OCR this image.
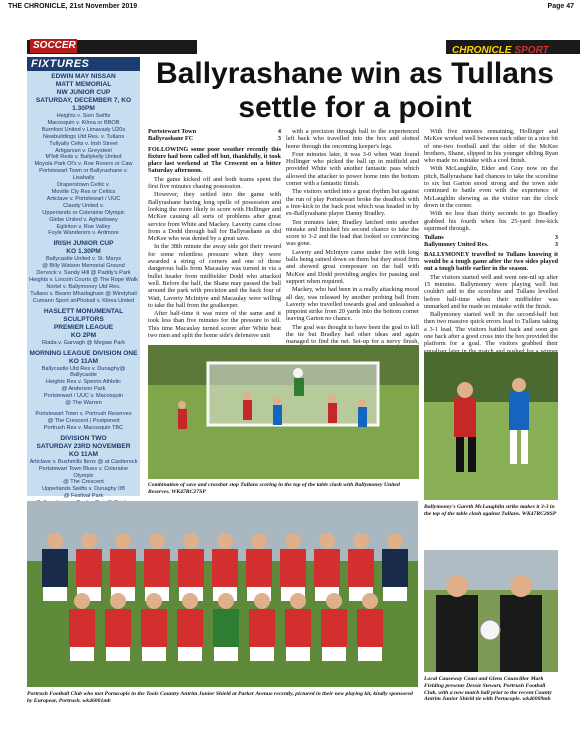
THE CHRONICLE, 21st November 2019	Page 47
SOCCER	CHRONICLE SPORT
FIXTURES
EDWIN MAY NISSAN
MATT MEMORIAL
NW JUNIOR CUP
SATURDAY, DECEMBER 7, KO 1.30PM
Heights v. Sion Swifts
Macosquin v. Kilrea or BBOB
Burnfoot United v Limavady U20s
Newbuildings Utd Res. v. Tullans
Tullyally Celts v. Irish Street
Artigarvan v. Greysteel
M'felt Reds v. Ballykelly United
Moyola Park Ol's v. Roe Rovers or Caw
Portstewart Town or Ballyrashane v. Lisahally
Draperstown Celtic v.
Moville Cty Res or Celtics
Articlave v. Portstewart / UUC
Claudy United v.
Upperlands or Coleraine Olympic
Glebe United v. Aghadowey
Eglinton v. Roe Valley
Foyle Wanderers v. Ardmore
IRISH JUNIOR CUP
KO 1.30PM
Ballycastle United v. St. Marys
@ Billy Watson Memorial Ground
Dervock v. Sandy Hill @ Paddy's Park
Heights v. Lincoln Courts @ The Rope Walk
Nortel v. Ballymoney Utd Res.
Tullans v. Beann Mhadaghain @ Windyhall
Cumann Sport anPhobail v. Kilrea United
HASLETT MONUMENTAL SCULPTORS
PREMIER LEAGUE
KO 2PM
Riada v. Garvagh @ Megaw Park
MORNING LEAGUE DIVISION ONE
KO 11AM
Ballycastle Utd Res v. Dunaghy@ Ballycastle
Heights Res v. Sperrin Athletic
@ Anderson Park
Portstewart / UUC v. Macosquin
@ The Warren
Portstewart Town v. Portrush Reserves
@ The Crescent | Postponed
Portrush Res v. Macosquin TBC
DIVISION TWO
SATURDAY 23RD NOVEMBER
KO 11AM
Articlave v. Bushmills Ibrox @ at Castlerock
Portstewart Town Blues v. Coleraine Olympic
@ The Crescent
Upperlands Swifts v. Dunaghy 0B
@ Festival Park
Ballyrashane win as Tullans settle for a point
Portstewart Town	4
Ballyrashane FC	3

FOLLOWING some poor weather recently this fixture had been called off but, thankfully, it took place last weekend at The Crescent on a bitter Saturday afternoon.

The game kicked off and both teams spent the first five minutes chasing possession.

However, they settled into the game with Ballyrashane having long spells of possession and looking the more likely to score with Hollinger and McKee causing all sorts of problems after great service from White and Mackey. Laverty came close from a Dodd through ball for Ballyrashane as did McKee who was denied by a great save.

In the 38th minute the away side got their reward for some relentless pressure when they were awarded a string of corners and one of those dangerous balls from Macaulay was turned in via a bullet header from midfielder Dodd who attacked well. Before the half, the Shane may passed the ball around the park with precision and the back four of Watt, Laverty McIntyre and Macaulay were willing to take the ball from the goalkeeper.

After half-time it was more of the same and it took less than five minutes for the pressure to tell. This time Macaulay turned scorer after White beat two men and split the home side's defensive unit

with a precision through ball to the experienced left back who travelled into the box and slotted home through the oncoming keeper's legs.

Four minutes later, it was 3-0 when Watt found Hollinger who picked the ball up in midfield and provided White with another fantastic pass which allowed the attacker to power home into the bottom corner with a fantastic finish.

The visitors settled into a great rhythm but against the run of play Portstewart broke the deadlock with a free-kick to the back post which was headed in by ex-Ballyrashane player Danny Bradley.

Ten minutes later, Bradley latched onto another mistake and finished his second chance to take the score to 3-2 and the lead that looked so convincing was gone.

Laverty and McIntyre came under fire with long balls being rained down on them but they stood firm and showed great composure on the ball with McKee and Dodd providing angles for passing and support when required.

Mackey, who had been in a really attacking mood all day, was released by another probing ball from Laverty who travelled towards goal and unleashed a pinpoint strike from 20 yards into the bottom corner leaving Garton no chance.

The goal was thought to have been the goal to kill the tie but Bradley had other ideas and again managed to find the net. Set-up for a nervy finish,

With five minutes remaining, Hollinger and McKee worked well between each other in a nice bit of one-two football and the older of the McKee brothers, Shane, slipped in his younger sibling Ryan who made no mistake with a cool finish.

With McLaughlin, Elder and Gray now on the pitch, Ballyrashane had chances to take the scoreline to six but Garton stood strong and the town side continued to battle even with the experience of McLaughlin showing as the visitor ran the clock down in the corner.

With no less than thirty seconds to go Bradley grabbed his fourth when his 25-yard free-kick squirmed through.

Tullans	3
Ballymoney United Res.	3

BALLYMONEY travelled to Tullans knowing it would be a tough game after the two sides played out a tough battle earlier in the season.

The visitors started well and went one-nil up after 15 minutes. Ballymoney were playing well but couldn't add to the scoreline and Tullans levelled before half-time when their midfielder was unmarked and he made no mistake with the finish.

Ballymoney started well in the second-half but then two massive quick errors lead to Tullans taking a 3-1 lead. The visitors battled back and soon got one back after a good cross into the box provided the platform for a goal. The visitors grabbed their

Combination of save and crossbar stop Tullans scoring in the top of the table clash with Ballymoney United Reserves. WK47RC27SP
Ballymoney's Gareth McLaughlin strike makes it 3-3 in the top of the table clash against Tullans. WK47RC28SP
Portrush Football Club who met Portacople in the Tools Country Antrim Junior Shield at Parker Avenue recently, pictured in their new playing kit, kindly sponsored by Europear, Portrush. wk46001mb
Local Causeway Coast and Glens Councillor Mark Fielding presents Dessie Stewart, Portrush Football Club, with a new match ball prior to the recent County Antrim Junior Shield tie with Portacople. wk46009mb
